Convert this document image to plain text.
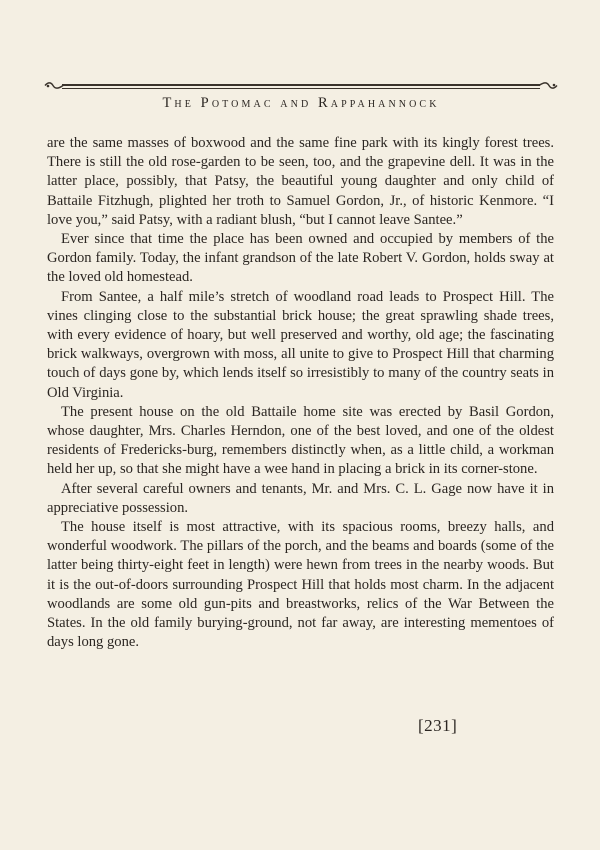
The Potomac and Rappahannock

are the same masses of boxwood and the same fine park with its kingly forest trees. There is still the old rose-garden to be seen, too, and the grapevine dell. It was in the latter place, possibly, that Patsy, the beautiful young daughter and only child of Battaile Fitzhugh, plighted her troth to Samuel Gordon, Jr., of historic Kenmore. “I love you,” said Patsy, with a radiant blush, “but I cannot leave Santee.”

Ever since that time the place has been owned and occupied by members of the Gordon family. Today, the infant grandson of the late Robert V. Gordon, holds sway at the loved old homestead.

From Santee, a half mile’s stretch of woodland road leads to Prospect Hill. The vines clinging close to the substantial brick house; the great sprawling shade trees, with every evidence of hoary, but well preserved and worthy, old age; the fascinating brick walkways, overgrown with moss, all unite to give to Prospect Hill that charming touch of days gone by, which lends itself so irresistibly to many of the country seats in Old Virginia.

The present house on the old Battaile home site was erected by Basil Gordon, whose daughter, Mrs. Charles Herndon, one of the best loved, and one of the oldest residents of Fredericks-burg, remembers distinctly when, as a little child, a workman held her up, so that she might have a wee hand in placing a brick in its corner-stone.

After several careful owners and tenants, Mr. and Mrs. C. L. Gage now have it in appreciative possession.

The house itself is most attractive, with its spacious rooms, breezy halls, and wonderful woodwork. The pillars of the porch, and the beams and boards (some of the latter being thirty-eight feet in length) were hewn from trees in the nearby woods. But it is the out-of-doors surrounding Prospect Hill that holds most charm. In the adjacent woodlands are some old gun-pits and breastworks, relics of the War Between the States. In the old family burying-ground, not far away, are interesting mementoes of days long gone.

[231]
